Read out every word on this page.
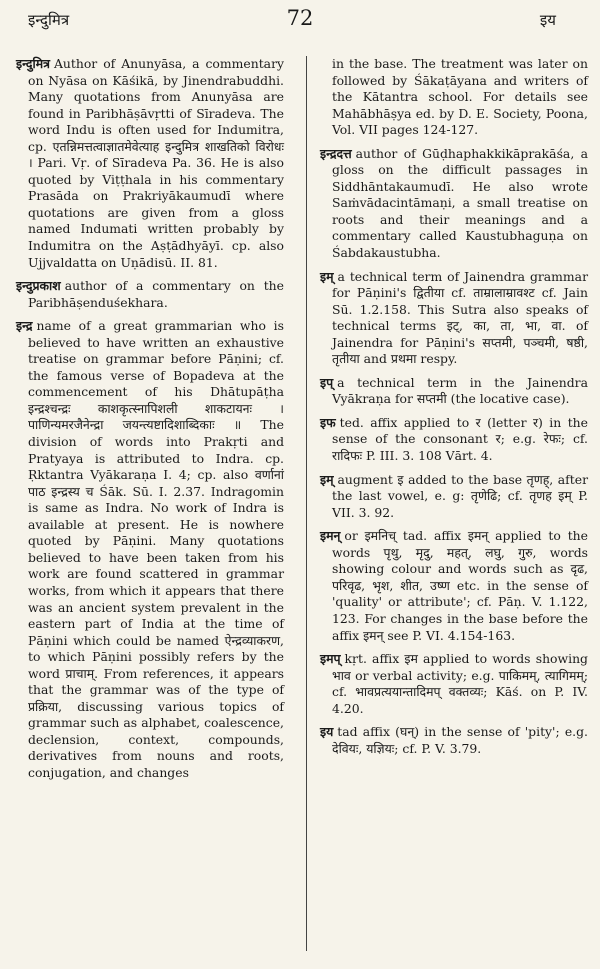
इन्दुमित्र	72	इय

इन्दुमित्र Author of Anunyāsa, a commentary on Nyāsa on Kāśikā, by Jinendrabuddhi. Many quotations from Anunyāsa are found in Paribhāṣāvṛtti of Sīradeva. The word Indu is often used for Indumitra, cp. एतन्निमत्तत्वाज्ञातमेवेत्याह इन्दुमित्र शाखतिको विरोधः । Pari. Vṛ. of Sīradeva Pa. 36. He is also quoted by Viṭṭhala in his commentary Prasāda on Prakriyākaumudī where quotations are given from a gloss named Indumati written probably by Indumitra on the Aṣṭādhyāyī. cp. also Ujjvaldatta on Uṇādisū. II. 81.

इन्दुप्रकाश author of a commentary on the Paribhāṣenduśekhara.

इन्द्र name of a great grammarian who is believed to have written an exhaustive treatise on grammar before Pāṇini; cf. the famous verse of Bopadeva at the commencement of his Dhātupāṭha इन्द्रश्चन्द्रः काशकृत्स्नापिशली शाकटायनः । पाणिन्यमरजैनेन्द्रा जयन्त्यष्टादिशाब्दिकाः ॥ The division of words into Prakṛti and Pratyaya is attributed to Indra. cp. Ṛktantra Vyākaraṇa I. 4; cp. also वर्णानां पाठ इन्द्रस्य च Śāk. Sū. I. 2.37. Indragomin is same as Indra. No work of Indra is available at present. He is nowhere quoted by Pāṇini. Many quotations believed to have been taken from his work are found scattered in grammar works, from which it appears that there was an ancient system prevalent in the eastern part of India at the time of Pāṇini which could be named ऐन्द्रव्याकरण, to which Pāṇini possibly refers by the word प्राचाम्. From references, it appears that the grammar was of the type of प्रक्रिया, discussing various topics of grammar such as alphabet, coalescence, declension, context, compounds, derivatives from nouns and roots, conjugation, and changes

in the base. The treatment was later on followed by Śākaṭāyana and writers of the Kātantra school. For details see Mahābhāṣya ed. by D. E. Society, Poona, Vol. VII pages 124-127.

इन्द्रदत्त author of Gūḍhaphakkikāprakāśa, a gloss on the difficult passages in Siddhāntakaumudī. He also wrote Saṁvādacintāmaṇi, a small treatise on roots and their meanings and a commentary called Kaustubhaguṇa on Śabdakaustubha.

इम् a technical term of Jainendra grammar for Pāṇini's द्वितीया cf. ताम्रालाम्रावश्ट cf. Jain Sū. 1.2.158. This Sutra also speaks of technical terms इट्, का, ता, भा, वा. of Jainendra for Pāṇini's सप्तमी, पञ्चमी, षष्ठी, तृतीया and प्रथमा respy.

इप् a technical term in the Jainendra Vyākraṇa for सप्तमी (the locative case).

इफ ted. affix applied to र (letter र) in the sense of the consonant र; e.g. रेफः; cf. रादिफः P. III. 3. 108 Vārt. 4.

इम् augment इ added to the base तृणह्, after the last vowel, e. g: तृणेढि; cf. तृणह इम् P. VII. 3. 92.

इमन् or इमनिच् tad. affix इमन् applied to the words पृथु, मृदु, महत्, लघु, गुरु, words showing colour and words such as दृढ, परिवृढ, भृश, शीत, उष्ण etc. in the sense of 'quality' or attribute'; cf. Pāṇ. V. 1.122, 123. For changes in the base before the affix इमन् see P. VI. 4.154-163.

इमप् kṛt. affix इम applied to words showing भाव or verbal activity; e.g. पाकिमम्, त्यागिमम्; cf. भावप्रत्ययान्तादिमप् वक्तव्यः; Kāś. on P. IV. 4.20.

इय tad affix (घन्) in the sense of 'pity'; e.g. देवियः, यज्ञियः; cf. P. V. 3.79.
